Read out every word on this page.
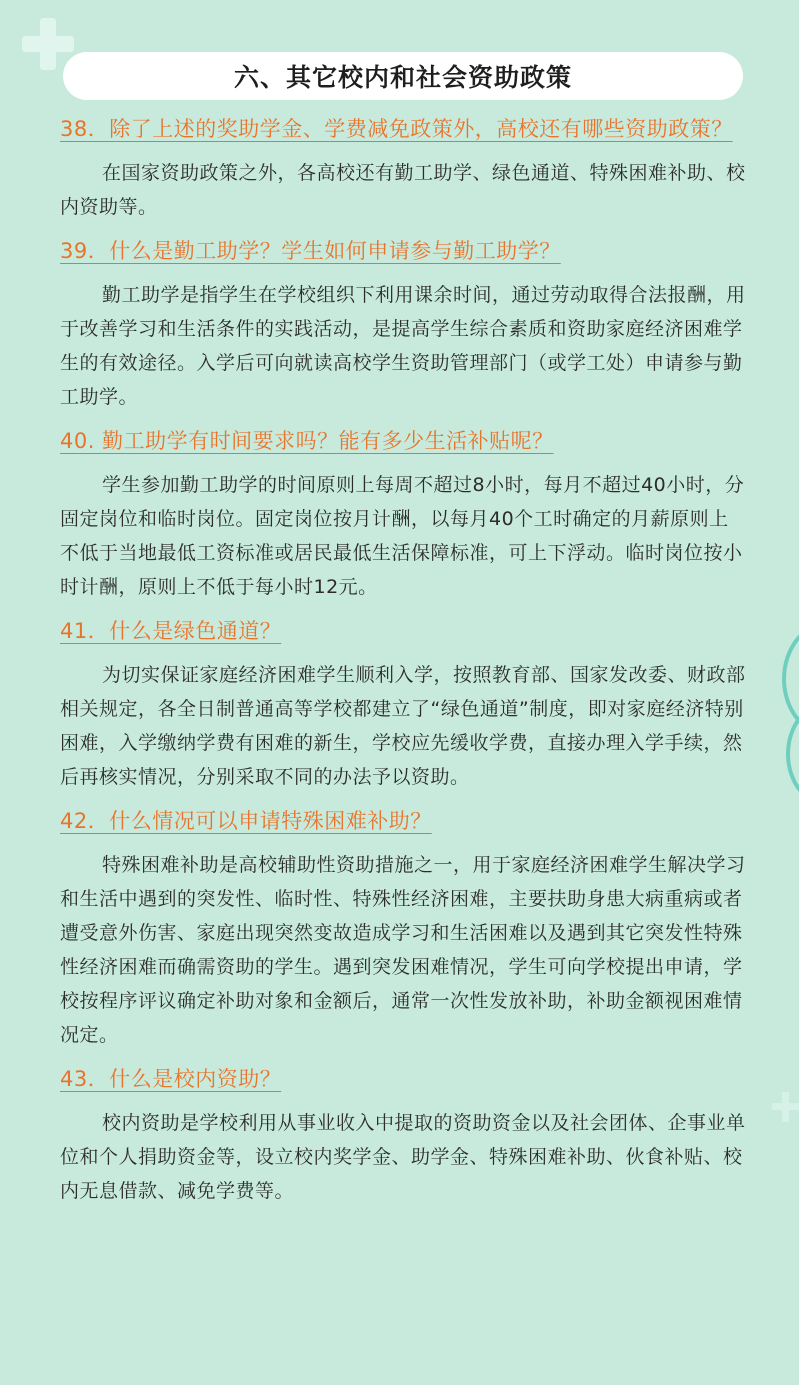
六、其它校内和社会资助政策

38．除了上述的奖助学金、学费减免政策外，高校还有哪些资助政策？

在国家资助政策之外，各高校还有勤工助学、绿色通道、特殊困难补助、校内资助等。

39．什么是勤工助学？学生如何申请参与勤工助学？

勤工助学是指学生在学校组织下利用课余时间，通过劳动取得合法报酬，用于改善学习和生活条件的实践活动，是提高学生综合素质和资助家庭经济困难学生的有效途径。入学后可向就读高校学生资助管理部门（或学工处）申请参与勤工助学。

40. 勤工助学有时间要求吗？能有多少生活补贴呢？

学生参加勤工助学的时间原则上每周不超过8小时，每月不超过40小时，分固定岗位和临时岗位。固定岗位按月计酬，以每月40个工时确定的月薪原则上不低于当地最低工资标准或居民最低生活保障标准，可上下浮动。临时岗位按小时计酬，原则上不低于每小时12元。

41．什么是绿色通道？

为切实保证家庭经济困难学生顺利入学，按照教育部、国家发改委、财政部相关规定，各全日制普通高等学校都建立了“绿色通道”制度，即对家庭经济特别困难，入学缴纳学费有困难的新生，学校应先缓收学费，直接办理入学手续，然后再核实情况，分别采取不同的办法予以资助。

42．什么情况可以申请特殊困难补助？

特殊困难补助是高校辅助性资助措施之一，用于家庭经济困难学生解决学习和生活中遇到的突发性、临时性、特殊性经济困难，主要扶助身患大病重病或者遭受意外伤害、家庭出现突然变故造成学习和生活困难以及遇到其它突发性特殊性经济困难而确需资助的学生。遇到突发困难情况，学生可向学校提出申请，学校按程序评议确定补助对象和金额后，通常一次性发放补助，补助金额视困难情况定。

43．什么是校内资助？

校内资助是学校利用从事业收入中提取的资助资金以及社会团体、企事业单位和个人捐助资金等，设立校内奖学金、助学金、特殊困难补助、伙食补贴、校内无息借款、减免学费等。
